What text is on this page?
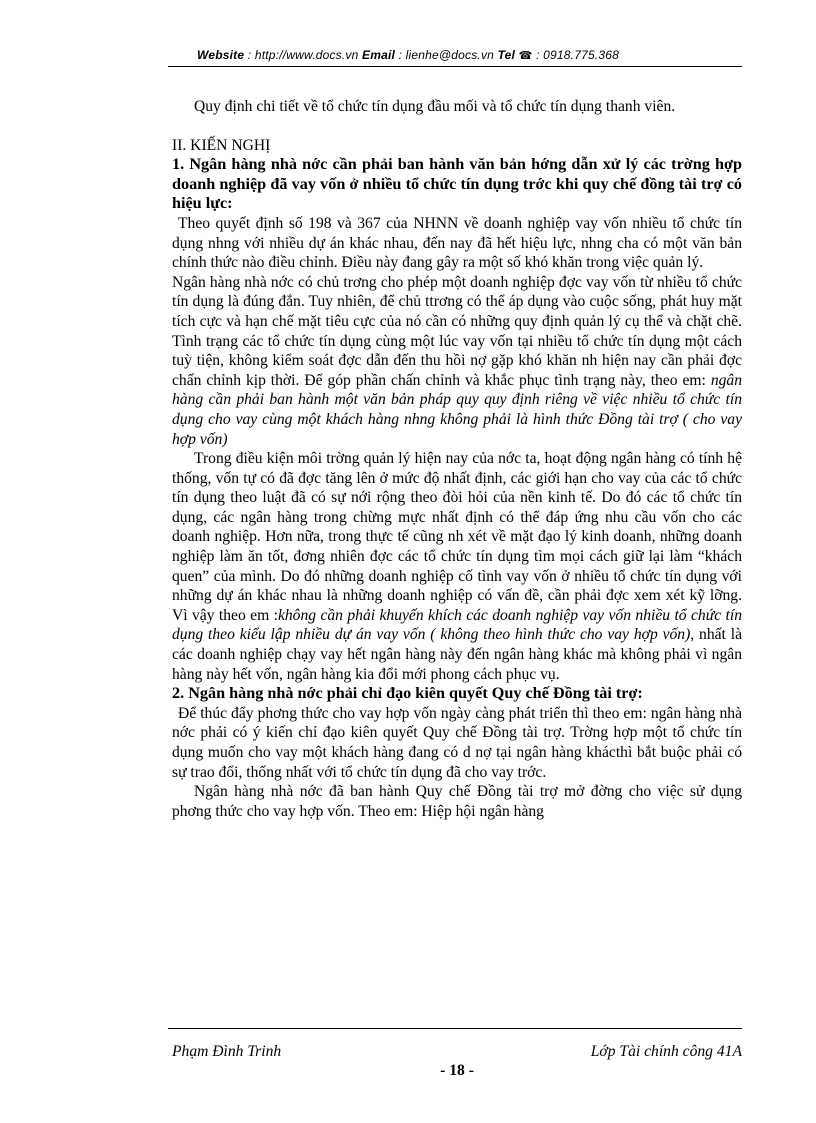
Website : http://www.docs.vn Email : lienhe@docs.vn Tel ☎ : 0918.775.368

Quy định chi tiết về tổ chức tín dụng đầu mối và tổ chức tín dụng thanh viên.

II. KIẾN NGHỊ
1. Ngân hàng nhà nớc cần phải ban hành văn bản hớng dẫn xử lý các trờng hợp doanh nghiệp đã vay vốn ở nhiều tổ chức tín dụng trớc khi quy chế đồng tài trợ có hiệu lực:

Theo quyết định số 198 và 367 của NHNN về doanh nghiệp vay vốn nhiều tổ chức tín dụng nhng với nhiều dự án khác nhau, đến nay đã hết hiệu lực, nhng cha có một văn bản chính thức nào điều chỉnh. Điều này đang gây ra một số khó khăn trong việc quản lý.

Ngân hàng nhà nớc có chủ trơng cho phép một doanh nghiệp đợc vay vốn từ nhiều tổ chức tín dụng là đúng đắn. Tuy nhiên, để chủ ttrơng có thể áp dụng vào cuộc sống, phát huy mặt tích cực và hạn chế mặt tiêu cực của nó cần có những quy định quản lý cụ thể và chặt chẽ. Tình trạng các tổ chức tín dụng cùng một lúc vay vốn tại nhiều tổ chức tín dụng một cách tuỳ tiện, không kiểm soát đợc dẫn đến thu hồi nợ gặp khó khăn nh hiện nay cần phải đợc chấn chỉnh kịp thời. Để góp phần chấn chỉnh và khắc phục tình trạng này, theo em: ngân hàng cần phải ban hành một văn bản pháp quy quy định riêng về việc nhiều tổ chức tín dụng cho vay cùng một khách hàng nhng không phải là hình thức Đồng tài trợ ( cho vay hợp vốn)

Trong điều kiện môi trờng quản lý hiện nay của nớc ta, hoạt động ngân hàng có tính hệ thống, vốn tự có đã đợc tăng lên ở mức độ nhất định, các giới hạn cho vay của các tổ chức tín dụng theo luật đã có sự nới rộng theo đòi hỏi của nền kinh tế. Do đó các tổ chức tín dụng, các ngân hàng trong chừng mực nhất định có thể đáp ứng nhu cầu vốn cho các doanh nghiệp. Hơn nữa, trong thực tế cũng nh xét về mặt đạo lý kinh doanh, những doanh nghiệp làm ăn tốt, đơng nhiên đợc các tổ chức tín dụng tìm mọi cách giữ lại làm “khách quen” của mình. Do đó những doanh nghiệp cố tình vay vốn ở nhiều tổ chức tín dụng với những dự án khác nhau là những doanh nghiệp có vấn đề, cần phải đợc xem xét kỹ lỡng. Vì vậy theo em :không cần phải khuyến khích các doanh nghiệp vay vốn nhiều tổ chức tín dụng theo kiểu lập nhiều dự án vay vốn ( không theo hình thức cho vay hợp vốn), nhất là các doanh nghiệp chạy vay hết ngân hàng này đến ngân hàng khác mà không phải vì ngân hàng này hết vốn, ngân hàng kia đổi mới phong cách phục vụ.

2. Ngân hàng nhà nớc phải chỉ đạo kiên quyết Quy chế Đồng tài trợ:

Để thúc đẩy phơng thức cho vay hợp vốn ngày càng phát triển thì theo em: ngân hàng nhà nớc phải có ý kiến chỉ đạo kiên quyết Quy chế Đồng tài trợ. Trờng hợp một tổ chức tín dụng muốn cho vay một khách hàng đang có d nợ tại ngân hàng khácthì bắt buộc phải có sự trao đổi, thống nhất với tổ chức tín dụng đã cho vay trớc.

Ngân hàng nhà nớc đã ban hành Quy chế Đồng tài trợ mở đờng cho việc sử dụng phơng thức cho vay hợp vốn. Theo em: Hiệp hội ngân hàng

Phạm Đình Trinh	Lớp Tài chính công 41A
- 18 -
